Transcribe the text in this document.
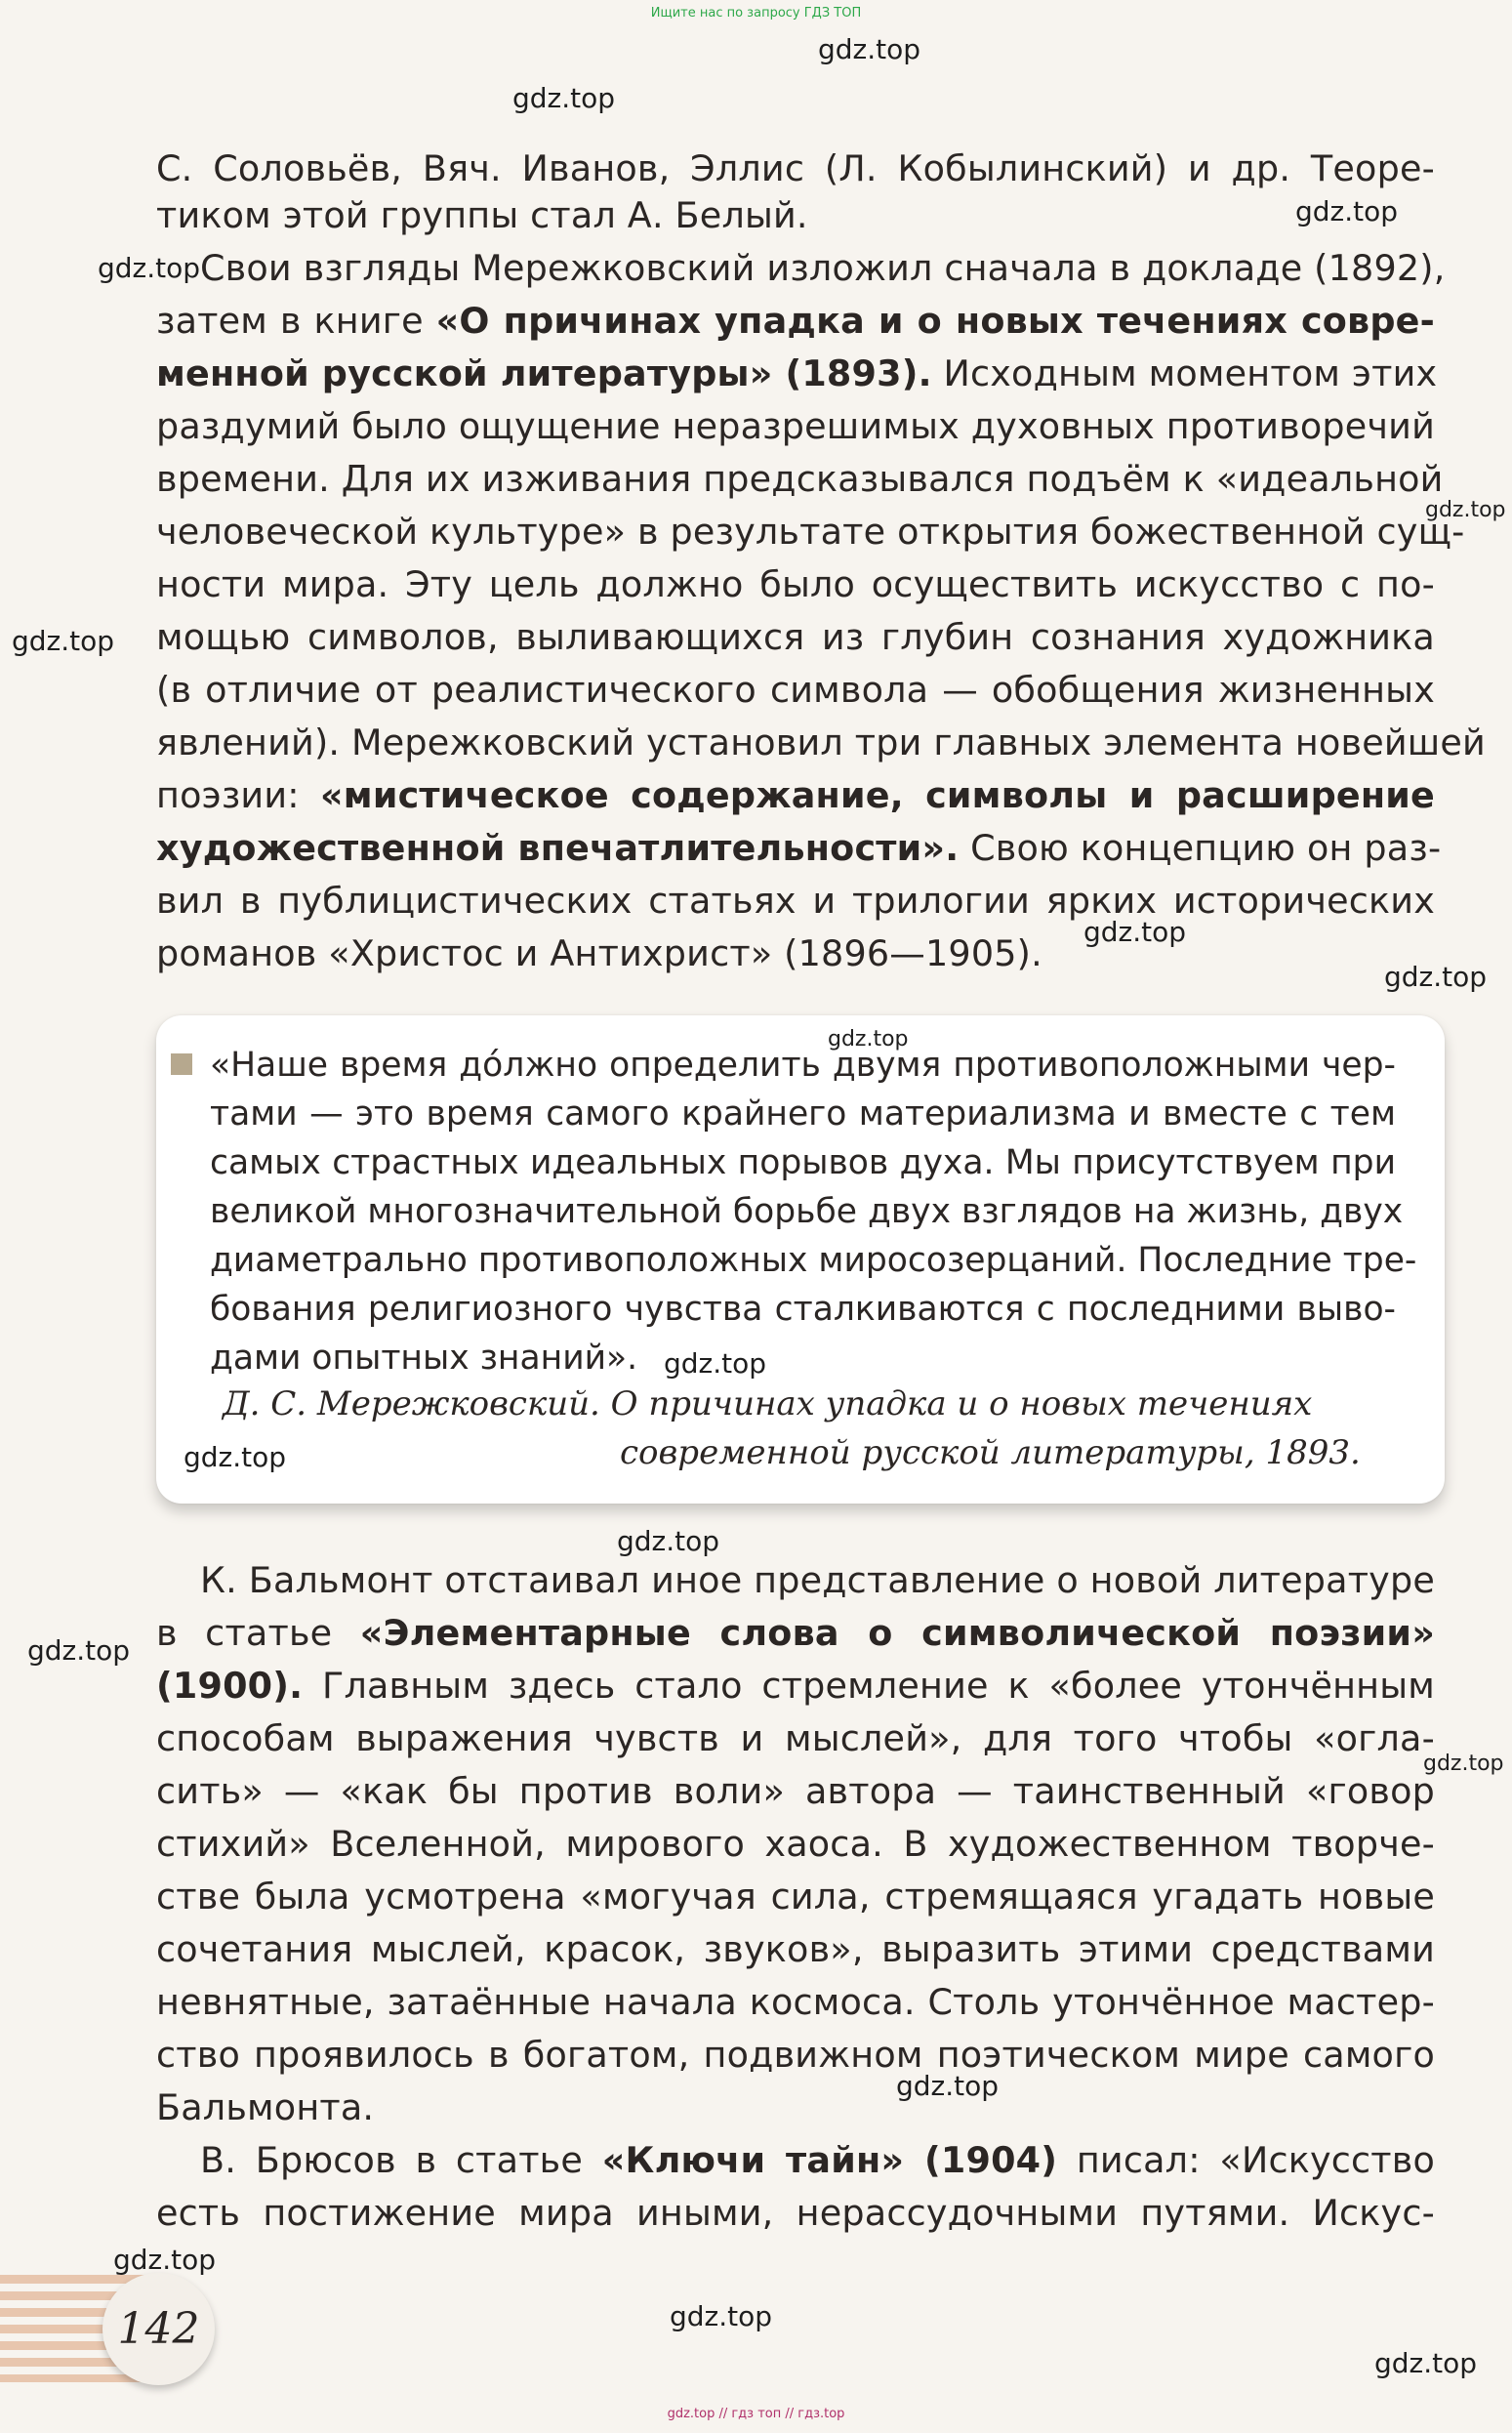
Ищите нас по запросу ГДЗ ТОП
142
С. Соловьёв, Вяч. Иванов, Эллис (Л. Кобылинский) и др. Теоре-
тиком этой группы стал А. Белый.
Свои взгляды Мережковский изложил сначала в докладе (1892),
затем в книге «О причинах упадка и о новых течениях совре-
менной русской литературы» (1893). Исходным моментом этих
раздумий было ощущение неразрешимых духовных противоречий
времени. Для их изживания предсказывался подъём к «идеальной
человеческой культуре» в результате открытия божественной сущ-
ности мира. Эту цель должно было осуществить искусство с по-
мощью символов, выливающихся из глубин сознания художника
(в отличие от реалистического символа — обобщения жизненных
явлений). Мережковский установил три главных элемента новейшей
поэзии: «мистическое содержание, символы и расширение
художественной впечатлительности». Свою концепцию он раз-
вил в публицистических статьях и трилогии ярких исторических
романов «Христос и Антихрист» (1896—1905).
«Наше время до́лжно определить двумя противоположными чер-
тами — это время самого крайнего материализма и вместе с тем
самых страстных идеальных порывов духа. Мы присутствуем при
великой многозначительной борьбе двух взглядов на жизнь, двух
диаметрально противоположных миросозерцаний. Последние тре-
бования религиозного чувства сталкиваются с последними выво-
дами опытных знаний».
Д. С. Мережковский. О причинах упадка и о новых течениях
современной русской литературы, 1893.
К. Бальмонт отстаивал иное представление о новой литературе
в статье «Элементарные слова о символической поэзии»
(1900). Главным здесь стало стремление к «более утончённым
способам выражения чувств и мыслей», для того чтобы «огла-
сить» — «как бы против воли» автора — таинственный «говор
стихий» Вселенной, мирового хаоса. В художественном творче-
стве была усмотрена «могучая сила, стремящаяся угадать новые
сочетания мыслей, красок, звуков», выразить этими средствами
невнятные, затаённые начала космоса. Столь утончённое мастер-
ство проявилось в богатом, подвижном поэтическом мире самого
Бальмонта.
В. Брюсов в статье «Ключи тайн» (1904) писал: «Искусство
есть постижение мира иными, нерассудочными путями. Искус-
gdz.top
gdz.top
gdz.top
gdz.top
gdz.top
gdz.top
gdz.top
gdz.top
gdz.top
gdz.top
gdz.top
gdz.top
gdz.top
gdz.top
gdz.top
gdz.top
gdz.top
gdz.top
gdz.top // гдз топ // гдз.top
